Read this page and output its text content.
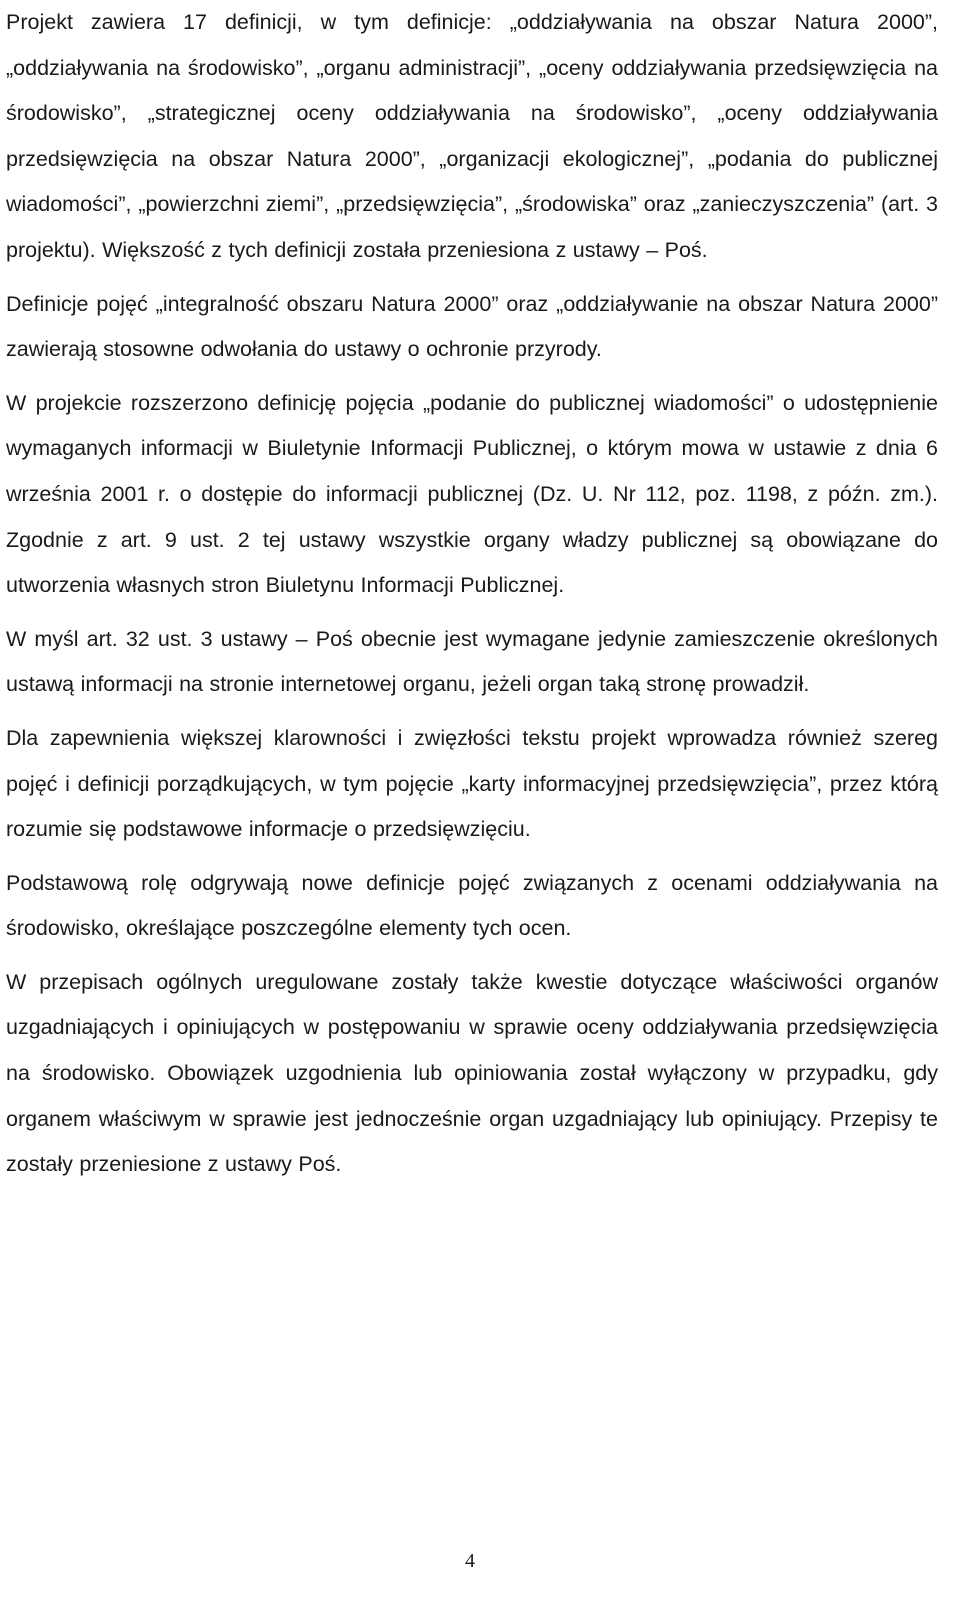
Projekt zawiera 17 definicji, w tym definicje: „oddziaływania na obszar Natura 2000”, „oddziaływania na środowisko”, „organu administracji”, „oceny oddziaływania przedsięwzięcia na środowisko”, „strategicznej oceny oddziaływania na środowisko”, „oceny oddziaływania przedsięwzięcia na obszar Natura 2000”, „organizacji ekologicznej”, „podania do publicznej wiadomości”, „powierzchni ziemi”, „przedsięwzięcia”, „środowiska” oraz „zanieczyszczenia” (art. 3 projektu). Większość z tych definicji została przeniesiona z ustawy – Poś.

Definicje pojęć „integralność obszaru Natura 2000” oraz „oddziaływanie na obszar Natura 2000” zawierają stosowne odwołania do ustawy o ochronie przyrody.

W projekcie rozszerzono definicję pojęcia „podanie do publicznej wiadomości” o udostępnienie wymaganych informacji w Biuletynie Informacji Publicznej, o którym mowa w ustawie z dnia 6 września 2001 r. o dostępie do informacji publicznej (Dz. U. Nr 112, poz. 1198, z późn. zm.). Zgodnie z art. 9 ust. 2 tej ustawy wszystkie organy władzy publicznej są obowiązane do utworzenia własnych stron Biuletynu Informacji Publicznej.

W myśl art. 32 ust. 3 ustawy – Poś obecnie jest wymagane jedynie zamieszczenie określonych ustawą informacji na stronie internetowej organu, jeżeli organ taką stronę prowadził.

Dla zapewnienia większej klarowności i zwięzłości tekstu projekt wprowadza również szereg pojęć i definicji porządkujących, w tym pojęcie „karty informacyjnej przedsięwzięcia”, przez którą rozumie się podstawowe informacje o przedsięwzięciu.

Podstawową rolę odgrywają nowe definicje pojęć związanych z ocenami oddziaływania na środowisko, określające poszczególne elementy tych ocen.

W przepisach ogólnych uregulowane zostały także kwestie dotyczące właściwości organów uzgadniających i opiniujących w postępowaniu w sprawie oceny oddziaływania przedsięwzięcia na środowisko. Obowiązek uzgodnienia lub opiniowania został wyłączony w przypadku, gdy organem właściwym w sprawie jest jednocześnie organ uzgadniający lub opiniujący. Przepisy te zostały przeniesione z ustawy Poś.

4
